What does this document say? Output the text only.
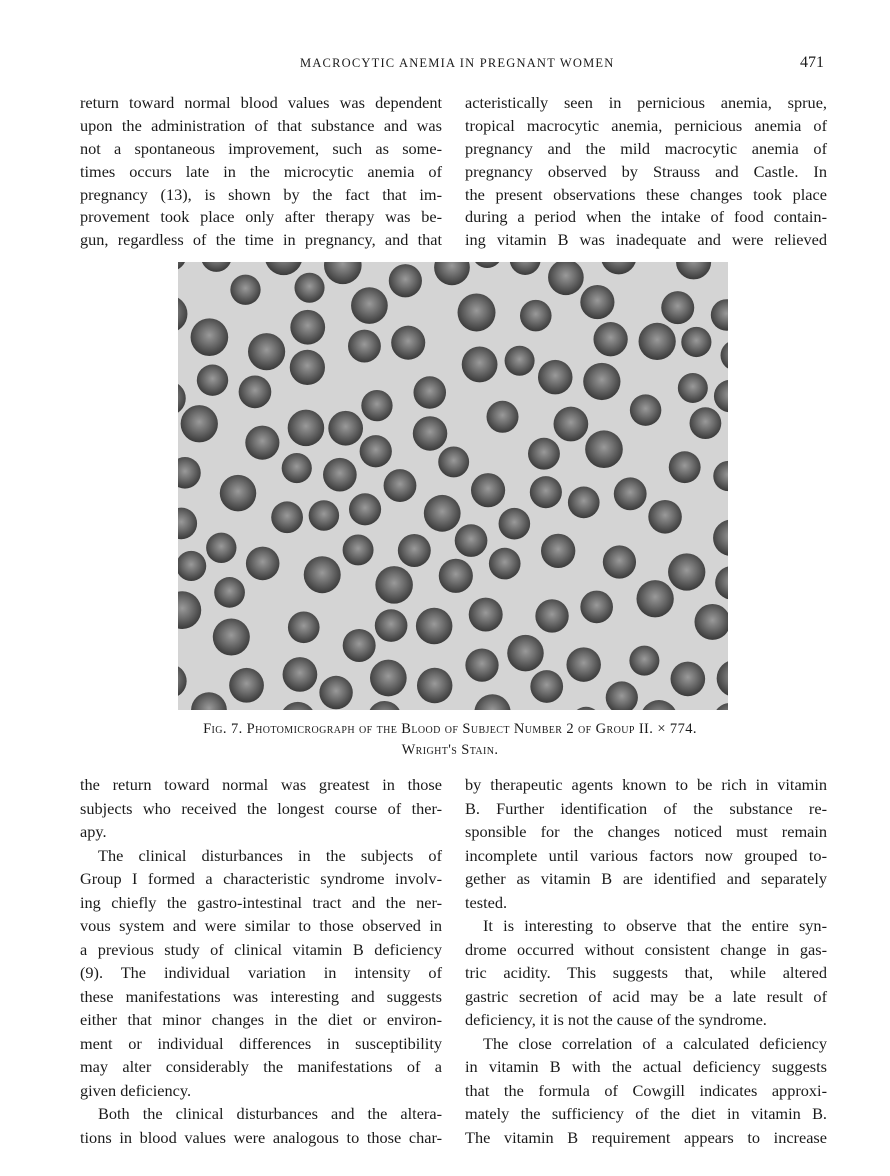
MACROCYTIC ANEMIA IN PREGNANT WOMEN	471
return toward normal blood values was dependent
upon the administration of that substance and was
not a spontaneous improvement, such as some-
times occurs late in the microcytic anemia of
pregnancy (13), is shown by the fact that im-
provement took place only after therapy was be-
gun, regardless of the time in pregnancy, and that
acteristically seen in pernicious anemia, sprue,
tropical macrocytic anemia, pernicious anemia of
pregnancy and the mild macrocytic anemia of
pregnancy observed by Strauss and Castle. In
the present observations these changes took place
during a period when the intake of food contain-
ing vitamin B was inadequate and were relieved
Fig. 7. Photomicrograph of the Blood of Subject Number 2 of Group II. × 774.
Wright's Stain.
the return toward normal was greatest in those
subjects who received the longest course of ther-
apy.
The clinical disturbances in the subjects of
Group I formed a characteristic syndrome involv-
ing chiefly the gastro-intestinal tract and the ner-
vous system and were similar to those observed in
a previous study of clinical vitamin B deficiency
(9). The individual variation in intensity of
these manifestations was interesting and suggests
either that minor changes in the diet or environ-
ment or individual differences in susceptibility
may alter considerably the manifestations of a
given deficiency.
Both the clinical disturbances and the altera-
tions in blood values were analogous to those char-
by therapeutic agents known to be rich in vitamin
B. Further identification of the substance re-
sponsible for the changes noticed must remain
incomplete until various factors now grouped to-
gether as vitamin B are identified and separately
tested.
It is interesting to observe that the entire syn-
drome occurred without consistent change in gas-
tric acidity. This suggests that, while altered
gastric secretion of acid may be a late result of
deficiency, it is not the cause of the syndrome.
The close correlation of a calculated deficiency
in vitamin B with the actual deficiency suggests
that the formula of Cowgill indicates approxi-
mately the sufficiency of the diet in vitamin B.
The vitamin B requirement appears to increase
